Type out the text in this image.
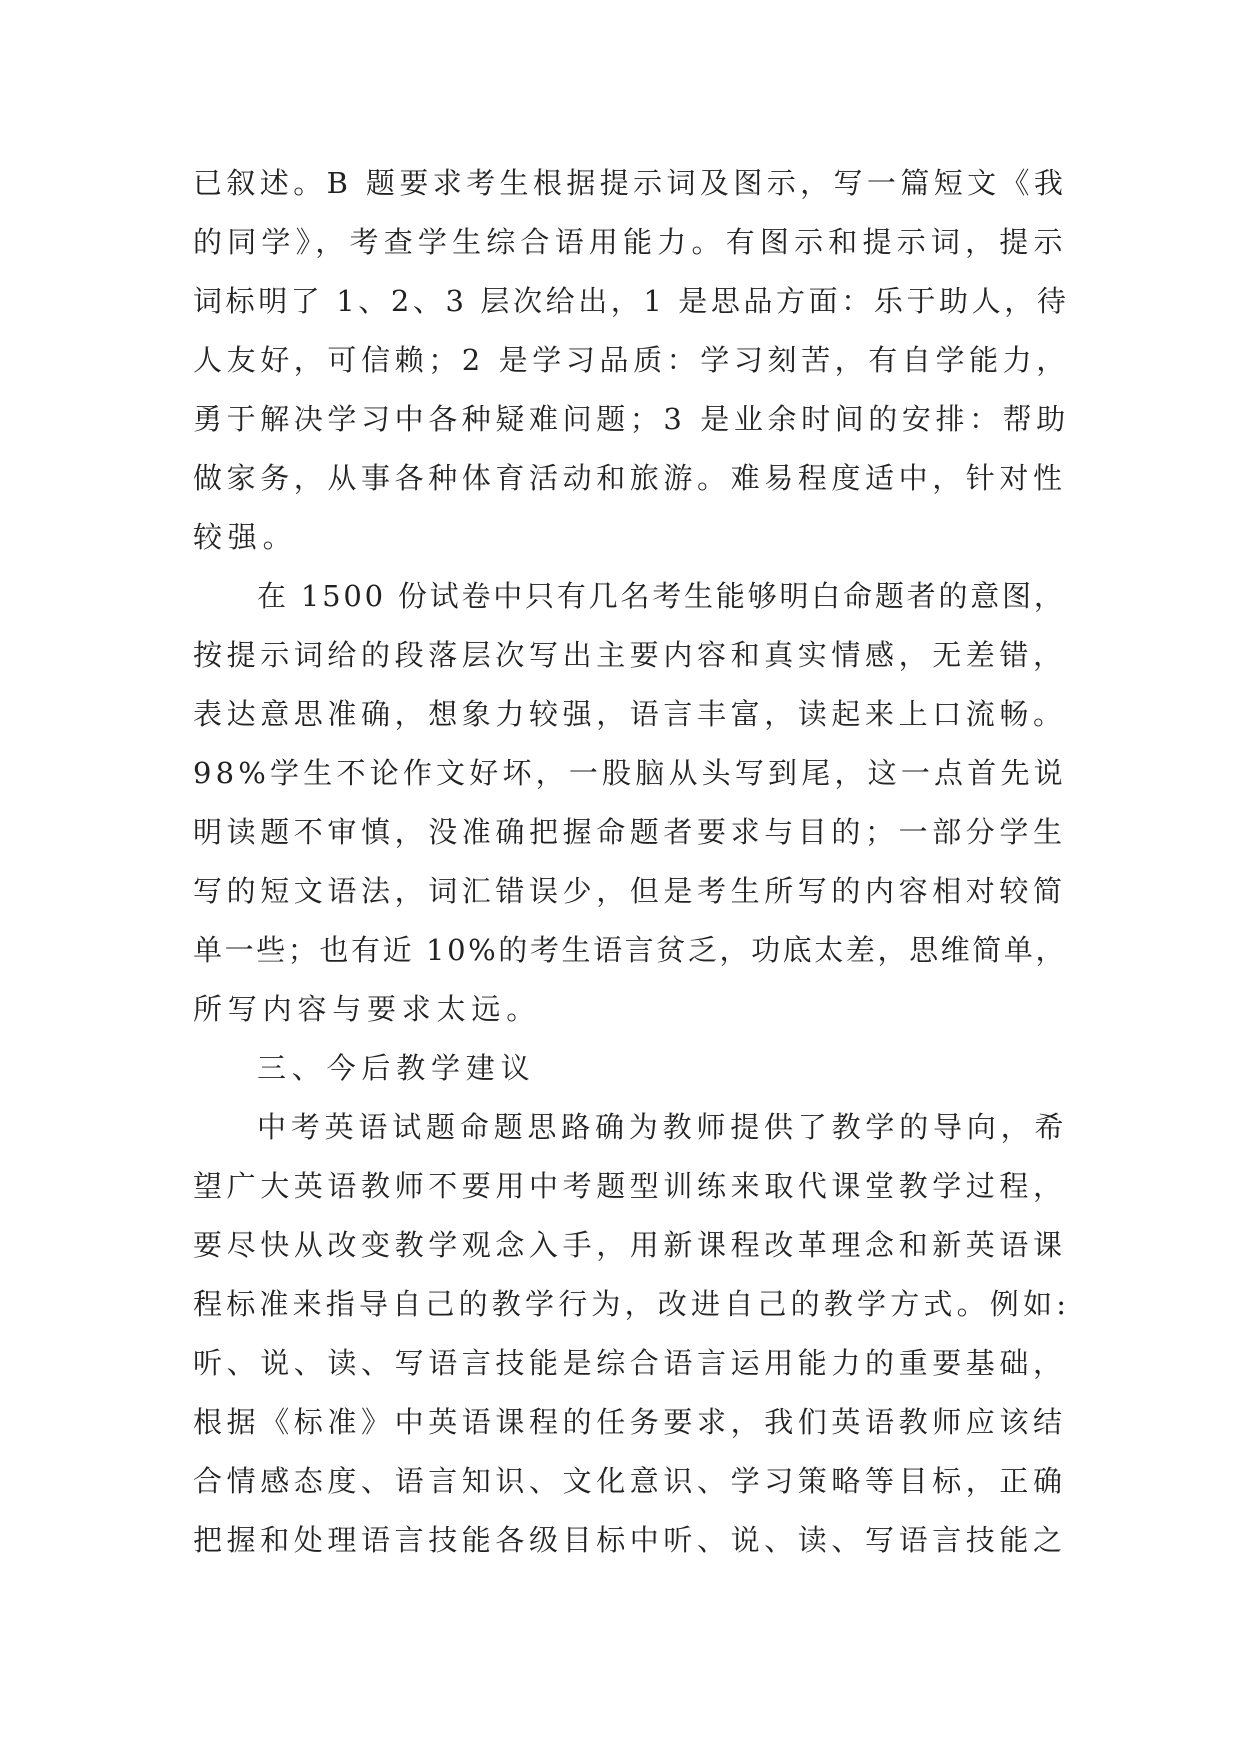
已叙述。B 题要求考生根据提示词及图示，写一篇短文《我
的同学》，考查学生综合语用能力。有图示和提示词，提示
词标明了 1、2、3 层次给出，1 是思品方面：乐于助人，待
人友好，可信赖；2 是学习品质：学习刻苦，有自学能力，
勇于解决学习中各种疑难问题；3 是业余时间的安排：帮助
做家务，从事各种体育活动和旅游。难易程度适中，针对性
较强。
在 1500 份试卷中只有几名考生能够明白命题者的意图，
按提示词给的段落层次写出主要内容和真实情感，无差错，
表达意思准确，想象力较强，语言丰富，读起来上口流畅。
98%学生不论作文好坏，一股脑从头写到尾，这一点首先说
明读题不审慎，没准确把握命题者要求与目的；一部分学生
写的短文语法，词汇错误少，但是考生所写的内容相对较简
单一些；也有近 10%的考生语言贫乏，功底太差，思维简单，
所写内容与要求太远。
三、今后教学建议
中考英语试题命题思路确为教师提供了教学的导向，希
望广大英语教师不要用中考题型训练来取代课堂教学过程，
要尽快从改变教学观念入手，用新课程改革理念和新英语课
程标准来指导自己的教学行为，改进自己的教学方式。例如:
听、说、读、写语言技能是综合语言运用能力的重要基础，
根据《标准》中英语课程的任务要求，我们英语教师应该结
合情感态度、语言知识、文化意识、学习策略等目标，正确
把握和处理语言技能各级目标中听、说、读、写语言技能之
